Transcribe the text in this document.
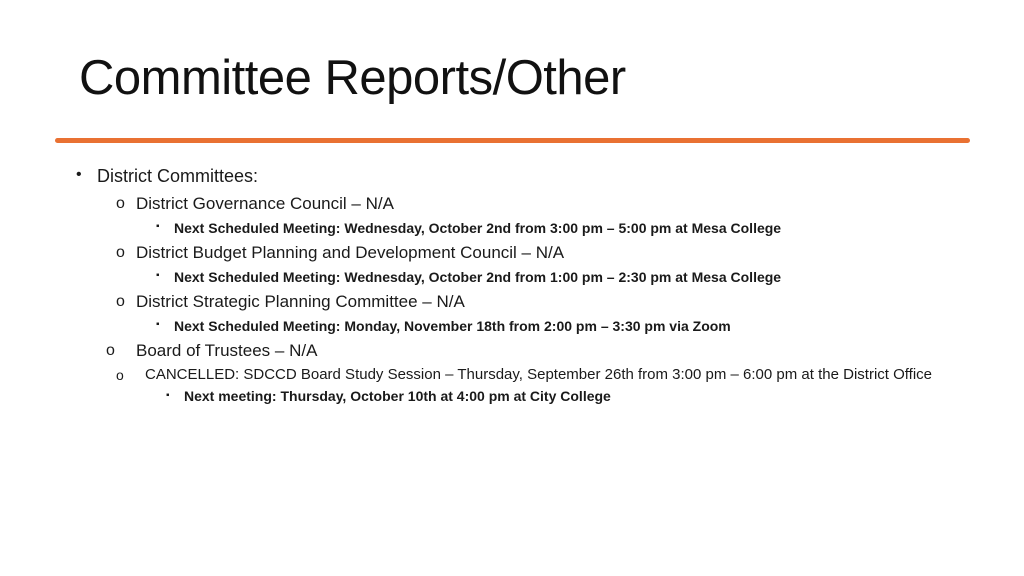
Committee Reports/Other
• District Committees:
o District Governance Council – N/A
▪ Next Scheduled Meeting: Wednesday, October 2nd from 3:00 pm – 5:00 pm at Mesa College
o District Budget Planning and Development Council – N/A
▪ Next Scheduled Meeting: Wednesday, October 2nd from 1:00 pm – 2:30 pm at Mesa College
o District Strategic Planning Committee – N/A
▪ Next Scheduled Meeting: Monday, November 18th from 2:00 pm – 3:30 pm via Zoom
o Board of Trustees – N/A
o CANCELLED: SDCCD Board Study Session – Thursday, September 26th from 3:00 pm – 6:00 pm at the District Office
▪ Next meeting: Thursday, October 10th at 4:00 pm at City College
